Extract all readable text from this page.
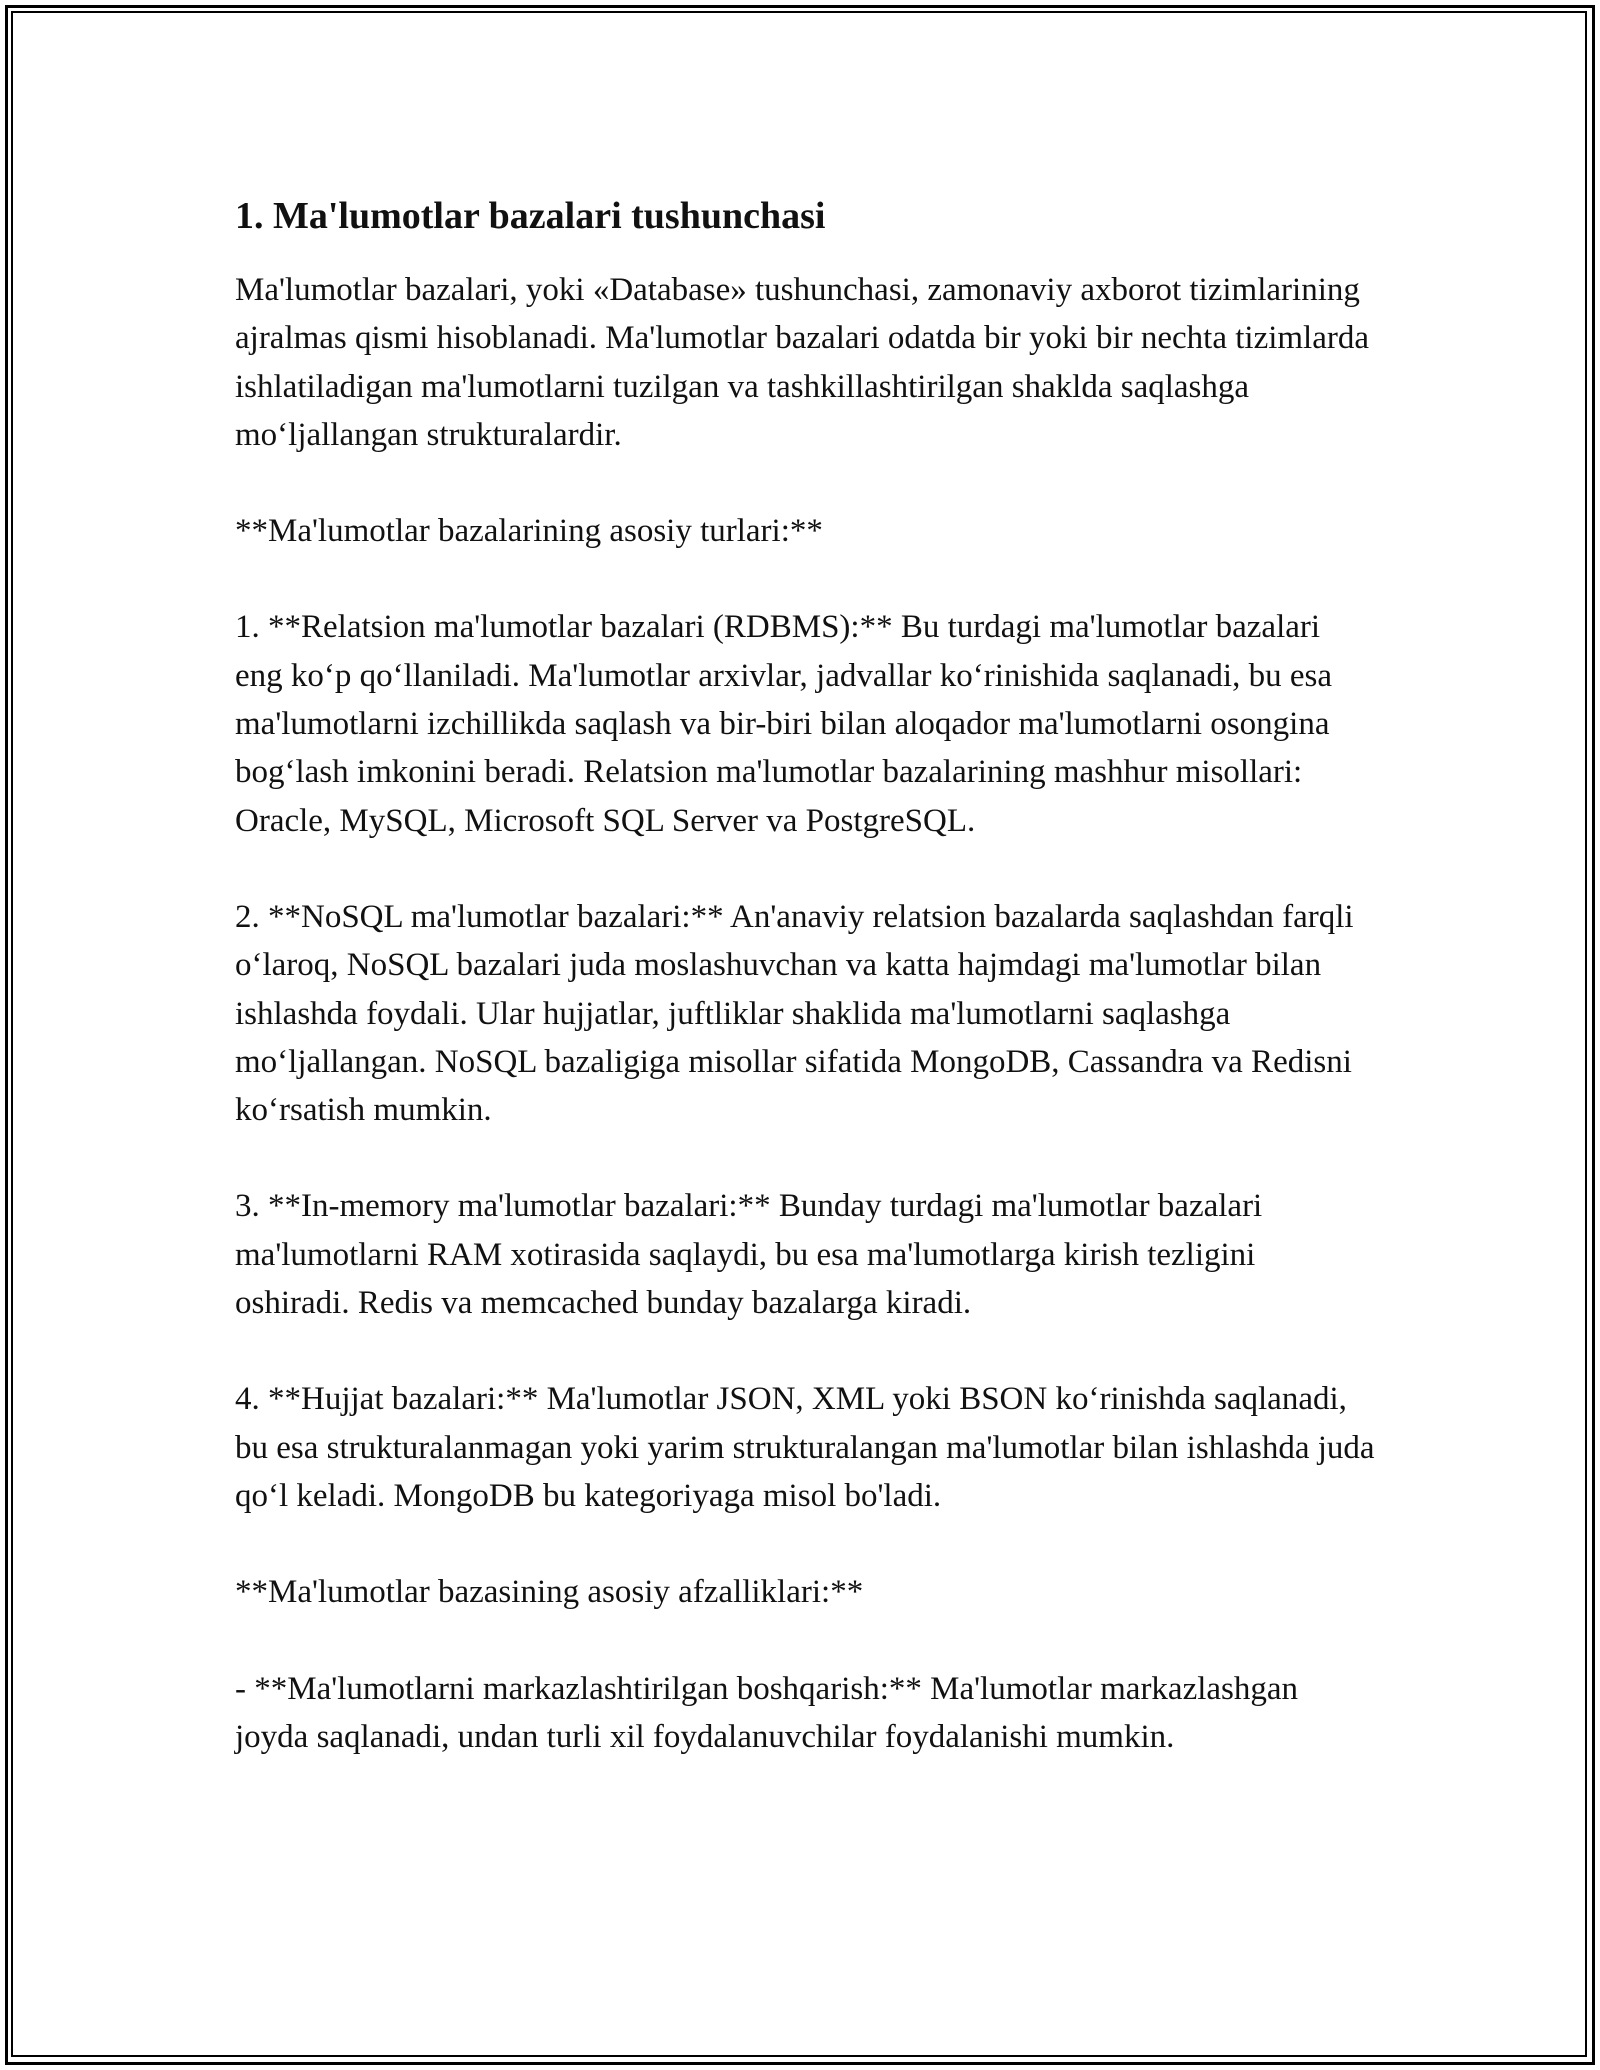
1. Ma'lumotlar bazalari tushunchasi

Ma'lumotlar bazalari, yoki «Database» tushunchasi, zamonaviy axborot tizimlarining ajralmas qismi hisoblanadi. Ma'lumotlar bazalari odatda bir yoki bir nechta tizimlarda ishlatiladigan ma'lumotlarni tuzilgan va tashkillashtirilgan shaklda saqlashga moʻljallangan strukturalardir.

**Ma'lumotlar bazalarining asosiy turlari:**

1. **Relatsion ma'lumotlar bazalari (RDBMS):** Bu turdagi ma'lumotlar bazalari eng koʻp qoʻllaniladi. Ma'lumotlar arxivlar, jadvallar koʻrinishida saqlanadi, bu esa ma'lumotlarni izchillikda saqlash va bir-biri bilan aloqador ma'lumotlarni osongina bogʻlash imkonini beradi. Relatsion ma'lumotlar bazalarining mashhur misollari: Oracle, MySQL, Microsoft SQL Server va PostgreSQL.

2. **NoSQL ma'lumotlar bazalari:** An'anaviy relatsion bazalarda saqlashdan farqli oʻlaroq, NoSQL bazalari juda moslashuvchan va katta hajmdagi ma'lumotlar bilan ishlashda foydali. Ular hujjatlar, juftliklar shaklida ma'lumotlarni saqlashga moʻljallangan. NoSQL bazaligiga misollar sifatida MongoDB, Cassandra va Redisni koʻrsatish mumkin.

3. **In-memory ma'lumotlar bazalari:** Bunday turdagi ma'lumotlar bazalari ma'lumotlarni RAM xotirasida saqlaydi, bu esa ma'lumotlarga kirish tezligini oshiradi. Redis va memcached bunday bazalarga kiradi.

4. **Hujjat bazalari:** Ma'lumotlar JSON, XML yoki BSON koʻrinishda saqlanadi, bu esa strukturalanmagan yoki yarim strukturalangan ma'lumotlar bilan ishlashda juda qoʻl keladi. MongoDB bu kategoriyaga misol bo'ladi.

**Ma'lumotlar bazasining asosiy afzalliklari:**

- **Ma'lumotlarni markazlashtirilgan boshqarish:** Ma'lumotlar markazlashgan joyda saqlanadi, undan turli xil foydalanuvchilar foydalanishi mumkin.
